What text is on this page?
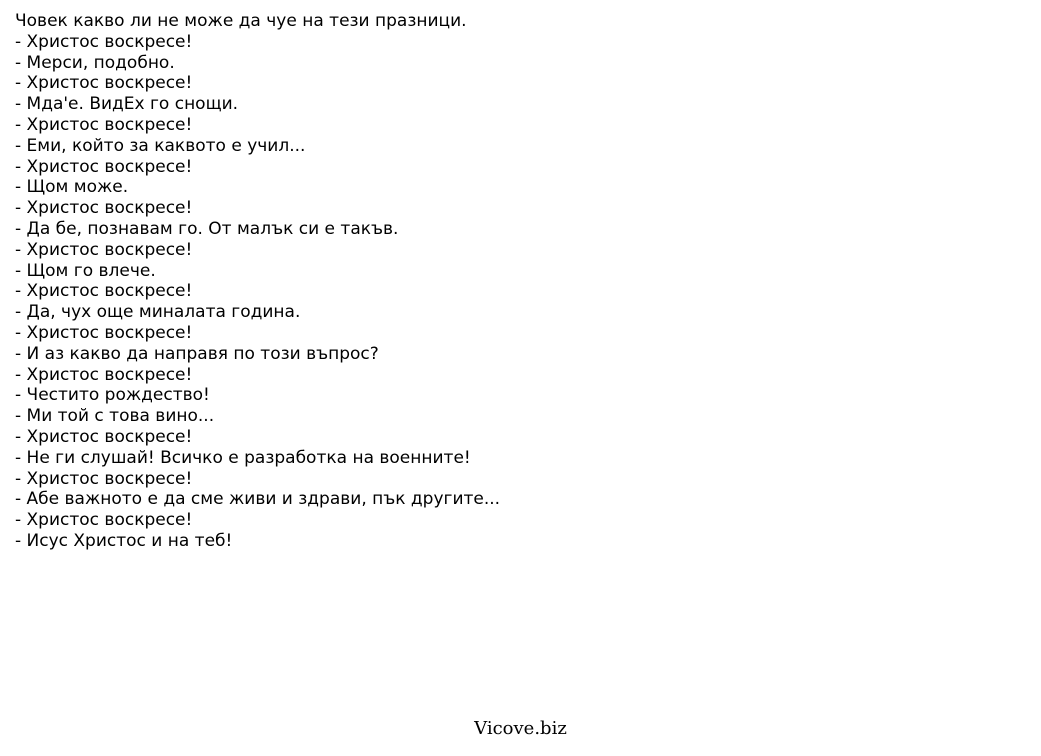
Човек какво ли не може да чуе на тези празници.
- Христос воскресе!
- Мерси, подобно.
- Христос воскресе!
- Мда'е. ВидЕх го снощи.
- Христос воскресе!
- Еми, който за каквото е учил...
- Христос воскресе!
- Щом може.
- Христос воскресе!
- Да бе, познавам го. От малък си е такъв.
- Христос воскресе!
- Щом го влече.
- Христос воскресе!
- Да, чух още миналата година.
- Христос воскресе!
- И аз какво да направя по този въпрос?
- Христос воскресе!
- Честито рождество!
- Ми той с това вино...
- Христос воскресе!
- Не ги слушай! Всичко е разработка на военните!
- Христос воскресе!
- Абе важното е да сме живи и здрави, пък другите...
- Христос воскресе!
- Исус Христос и на теб!
Vicove.biz
